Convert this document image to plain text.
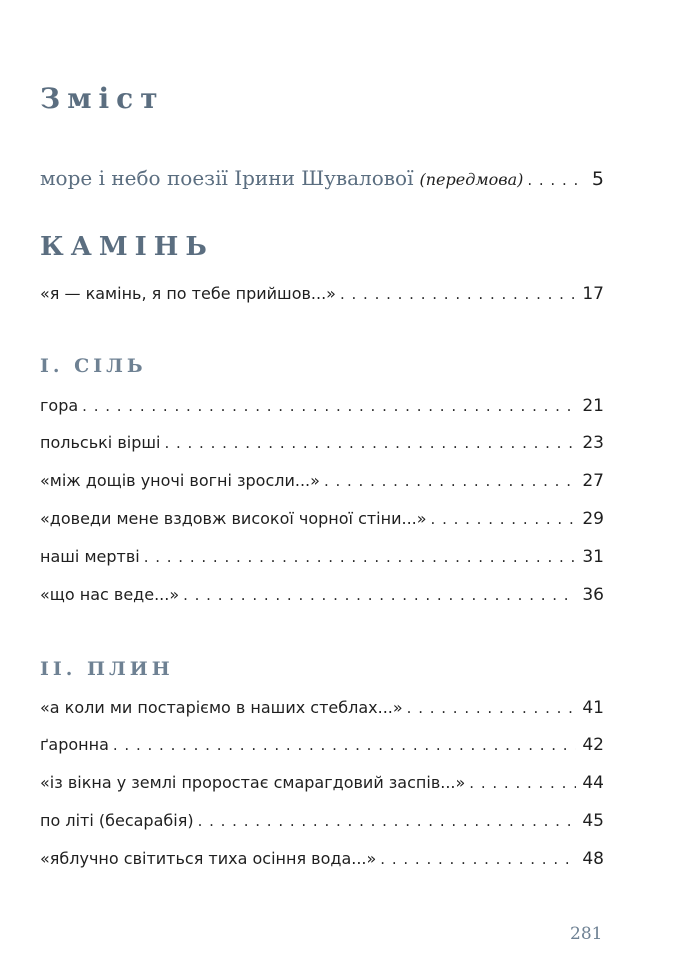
Зміст
море і небо поезії Ірини Шувалової (передмова) . . .	5
КАМІНЬ
«я — камінь, я по тебе прийшов...» . . .	17
І. СІЛЬ
гора . . .	21
польські вірші . . .	23
«між дощів уночі вогні зросли...» . . .	27
«доведи мене вздовж високої чорної стіни...» . . .	29
наші мертві . . .	31
«що нас веде...» . . .	36
ІІ. ПЛИН
«а коли ми постаріємо в наших стеблах...» . . .	41
ґаронна . . .	42
«із вікна у землі проростає смарагдовий заспів...» . . .	44
по літі (бесарабія) . . .	45
«яблучно світиться тиха осіння вода...» . . .	48
281
